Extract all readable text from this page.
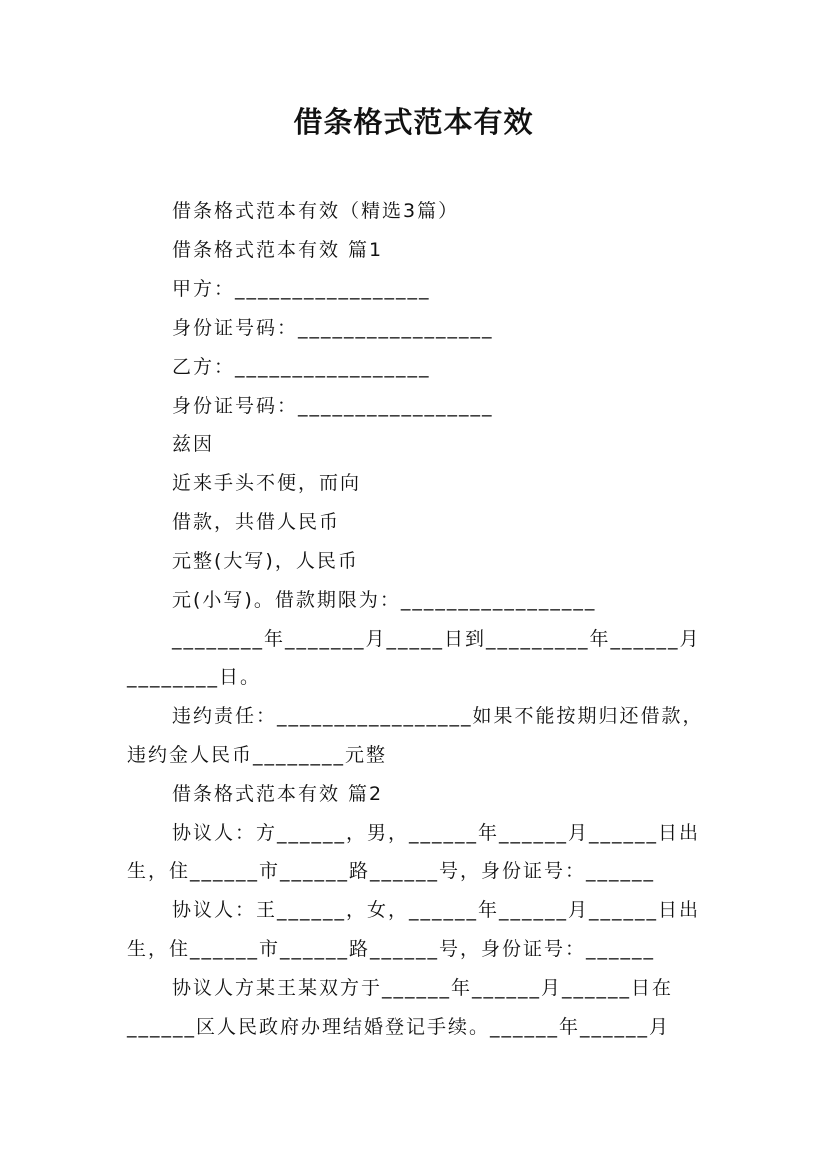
借条格式范本有效
借条格式范本有效（精选3篇）
借条格式范本有效 篇1
甲方：_________________
身份证号码：_________________
乙方：_________________
身份证号码：_________________
兹因
近来手头不便，而向
借款，共借人民币
元整(大写)，人民币
元(小写)。借款期限为：_________________
________年_______月_____日到_________年______月
________日。
违约责任：_________________如果不能按期归还借款，
违约金人民币________元整
借条格式范本有效 篇2
协议人：方______，男，______年______月______日出
生，住______市______路______号，身份证号：______
协议人：王______，女，______年______月______日出
生，住______市______路______号，身份证号：______
协议人方某王某双方于______年______月______日在
______区人民政府办理结婚登记手续。______年______月
